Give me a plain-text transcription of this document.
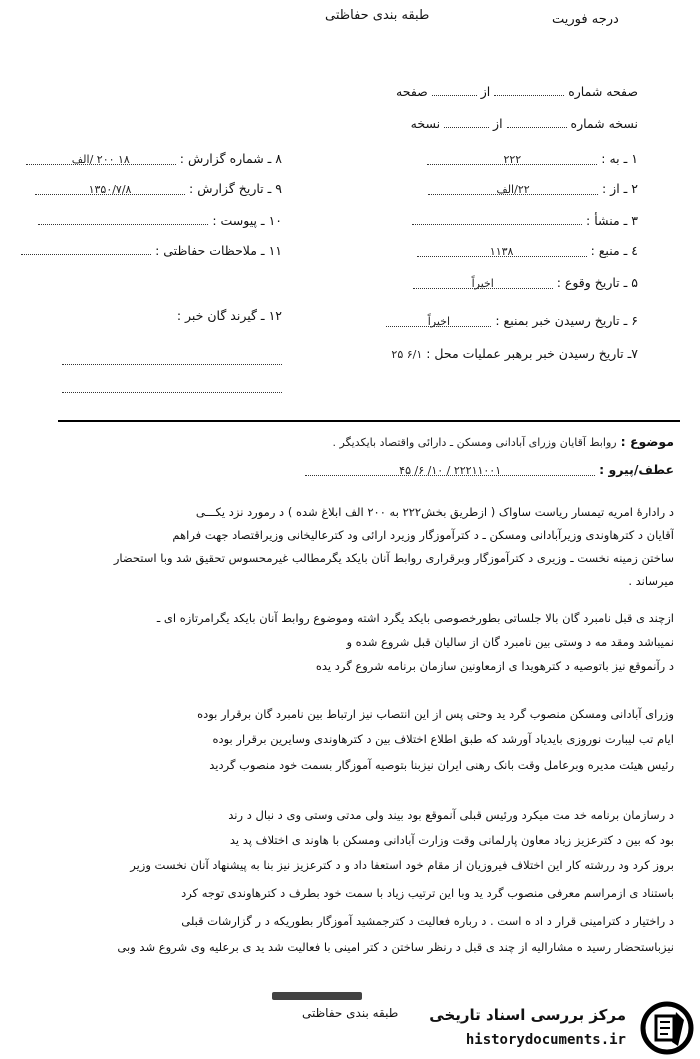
طبقه بندی حفاظتی	درجه فوریت
صفحه شماره  از  صفحه
نسخه شماره  از  نسخه
۱ ـ به : ۲۲۲
۲ ـ از : ۲۲/الف
۳ ـ منشأ :
٤ ـ منبع : ۱۱۳۸
۵ ـ تاریخ وقوع : اخیراً
۶ ـ تاریخ رسیدن خبر بمنبع : اخیراً
۷ـ تاریخ رسیدن خبر برهبر عملیات محل : ۶/۱ ۲۵
۸ ـ شماره گزارش : ۱۸ ۲۰۰ /الف
۹ ـ تاریخ گزارش : ۱۳۵۰/۷/۸
۱۰ ـ پیوست :
۱۱ ـ ملاحظات حفاظتی :
۱۲ ـ گیرند گان خبر :
موضوع : روابط آقایان وزرای آبادانی ومسکن ـ دارائی واقتصاد بایکدیگر .
عطف/پیرو : ۲۲۲۱۱۰۰۱ / ۱۰/ ۶/ ۴۵
د رادارۀ امریه تیمسار ریاست ساواک ( ازطریق بخش۲۲۲ به ۲۰۰ الف ابلاغ شده ) د رمورد نزد یکـــی
آقایان د کترهاوندی وزیرآبادانی ومسکن ـ د کترآموزگار وزیرد ارائی ود کترعالیخانی وزیراقتصاد جهت فراهم
ساختن زمینه نخست ـ وزیری د کترآموزگار وبرقراری روابط آنان بایکد یگرمطالب غیرمحسوس تحقیق شد وبا استحضار
میرساند .
ازچند ی قبل نامبرد گان بالا جلساتی بطورخصوصی بایکد یگرد اشته وموضوع روابط آنان بایکد یگرامرتازه ای ـ
نمیباشد ومقد مه د وستی بین نامبرد گان از سالیان قبل شروع شده و
د رآنموقع نیز باتوصیه د کترهویدا ی ازمعاونین سازمان برنامه شروع گرد یده
وزرای آبادانی ومسکن منصوب گرد ید وحتی پس از این انتصاب نیز ارتباط بین نامبرد گان برقرار بوده
ایام تب لیبارت نوروزی بایدیاد آورشد که طبق اطلاع اختلاف بین د کترهاوندی وسایرین برقرار بوده
رئیس هیئت مدیره وبرعامل وقت بانک رهنی ایران نیزبنا بتوصیه آموزگار بسمت خود منصوب گردید
د رسازمان برنامه خد مت میکرد ورئیس قبلی آنموقع بود بیند ولی مدتی وستی وی د نبال د رند
بود که بین د کترعزیز زیاد معاون پارلمانی وقت وزارت آبادانی ومسکن با هاوند ی اختلاف پد ید
بروز کرد ود ررشته کار این اختلاف فیروزیان از مقام خود استعفا داد و د کترعزیز نیز بنا به پیشنهاد آنان نخست وزیر
باستناد ی ازمراسم معرفی منصوب گرد ید وبا این ترتیب زیاد با سمت خود بطرف د کترهاوندی توجه کرد
د راختیار د کترامینی قرار د اد ه است . د رباره فعالیت د کترجمشید آموزگار بطوریکه د ر گزارشات قبلی
نیزباستحضار رسید ه مشارالیه از چند ی قبل د رنظر ساختن د کتر امینی با فعالیت شد ید ی برعلیه وی شروع شد وبی
طبقه بندی حفاظتی مرکز بررسی اسناد تاریخی
historydocuments.ir
